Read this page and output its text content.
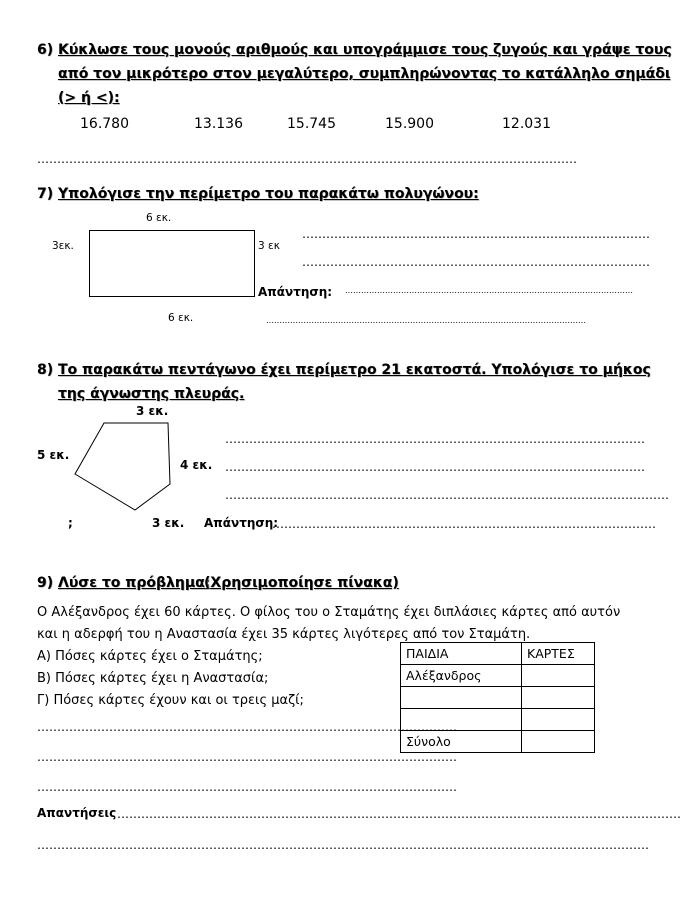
6) Κύκλωσε τους μονούς αριθμούς και υπογράμμισε τους ζυγούς και γράψε τους
από τον μικρότερο στον μεγαλύτερο, συμπληρώνοντας το κατάλληλο σημάδι
(> ή <):
16.780	13.136	15.745	15.900	12.031
………………………………………………………………………………………………………………………
7) Υπολόγισε την περίμετρο του παρακάτω πολυγώνου:
6 εκ.
3εκ.	3 εκ
6 εκ.
……………………………………………………………………………
……………………………………………………………………………
Απάντηση: ………………………………………………………………………………………………
…………………………………………………………………………………………………………
8) Το παρακάτω πεντάγωνο έχει περίμετρο 21 εκατοστά. Υπολόγισε το μήκος
της άγνωστης πλευράς.
3 εκ.
5 εκ.
4 εκ.
3 εκ.
;
……………………………………………………………………………………………
……………………………………………………………………………………………
…………………………………………………………………………………………………
Απάντηση:
……………………………………………………………………………………
9) Λύσε το πρόβλημα:
(Χρησιμοποίησε πίνακα)
Ο Αλέξανδρος έχει 60 κάρτες. Ο φίλος του ο Σταμάτης έχει διπλάσιες κάρτες από αυτόν
και η αδερφή του η Αναστασία έχει 35 κάρτες λιγότερες από τον Σταμάτη.
Α) Πόσες κάρτες έχει ο Σταμάτης;
Β) Πόσες κάρτες έχει η Αναστασία;
Γ) Πόσες κάρτες έχουν και οι τρεις μαζί;
……………………………………………………………………………………………
……………………………………………………………………………………………
……………………………………………………………………………………………
Απαντήσεις ……………………………………………………………………………………………………………………………
………………………………………………………………………………………………………………………………………
ΠΑΙΔΙΑ	ΚΑΡΤΕΣ
Αλέξανδρος	

Σύνολο	
